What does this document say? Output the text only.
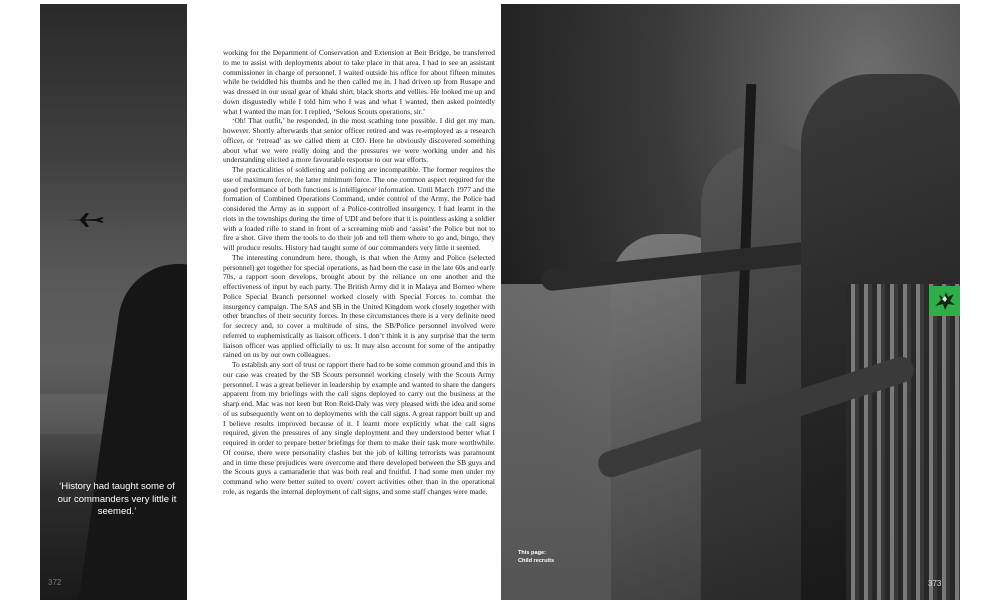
‘History had taught some of our commanders very little it seemed.’
372

working for the Department of Conservation and Extension at Beit Bridge, be transferred to me to assist with deployments about to take place in that area. I had to see an assistant commissioner in charge of personnel. I waited outside his office for about fifteen minutes while he twiddled his thumbs and he then called me in. I had driven up from Rusape and was dressed in our usual gear of khaki shirt, black shorts and vellies. He looked me up and down disgustedly while I told him who I was and what I wanted, then asked pointedly what I wanted the man for. I replied, ‘Selous Scouts operations, sir.’

‘Oh! That outfit,’ he responded, in the most scathing tone possible. I did get my man, however. Shortly afterwards that senior officer retired and was re-employed as a research officer, or ‘retread’ as we called them at CIO. Here he obviously discovered something about what we were really doing and the pressures we were working under and his understanding elicited a more favourable response to our war efforts.

The practicalities of soldiering and policing are incompatible. The former requires the use of maximum force, the latter minimum force. The one common aspect required for the good performance of both functions is intelligence/ information. Until March 1977 and the formation of Combined Operations Command, under control of the Army, the Police had considered the Army as in support of a Police-controlled insurgency. I had learnt in the riots in the townships during the time of UDI and before that it is pointless asking a soldier with a loaded rifle to stand in front of a screaming mob and ‘assist’ the Police but not to fire a shot. Give them the tools to do their job and tell them where to go and, bingo, they will produce results. History had taught some of our commanders very little it seemed.

The interesting conundrum here, though, is that when the Army and Police (selected personnel) get together for special operations, as had been the case in the late 60s and early 70s, a rapport soon develops, brought about by the reliance on one another and the effectiveness of input by each party. The British Army did it in Malaya and Borneo where Police Special Branch personnel worked closely with Special Forces to combat the insurgency campaign. The SAS and SB in the United Kingdom work closely together with other branches of their security forces. In these circumstances there is a very definite need for secrecy and, to cover a multitude of sins, the SB/Police personnel involved were referred to euphemistically as liaison officers. I don’t think it is any surprise that the term liaison officer was applied officially to us. It may also account for some of the antipathy rained on us by our own colleagues.

To establish any sort of trust or rapport there had to be some common ground and this in our case was created by the SB Scouts personnel working closely with the Scouts Army personnel. I was a great believer in leadership by example and wanted to share the dangers apparent from my briefings with the call signs deployed to carry out the business at the sharp end. Mac was not keen but Ron Reid-Daly was very pleased with the idea and some of us subsequently went on to deployments with the call signs. A great rapport built up and I believe results improved because of it. I learnt more explicitly what the call signs required, given the pressures of any single deployment and they understood better what I required in order to prepare better briefings for them to make their task more worthwhile. Of course, there were personality clashes but the job of killing terrorists was paramount and in time these prejudices were overcome and there developed between the SB guys and the Scouts guys a camaraderie that was both real and fruitful. I had some men under my command who were better suited to overt/ covert activities other than in the operational role, as regards the internal deployment of call signs, and some staff changes were made.

This page:
Child recruits
373
